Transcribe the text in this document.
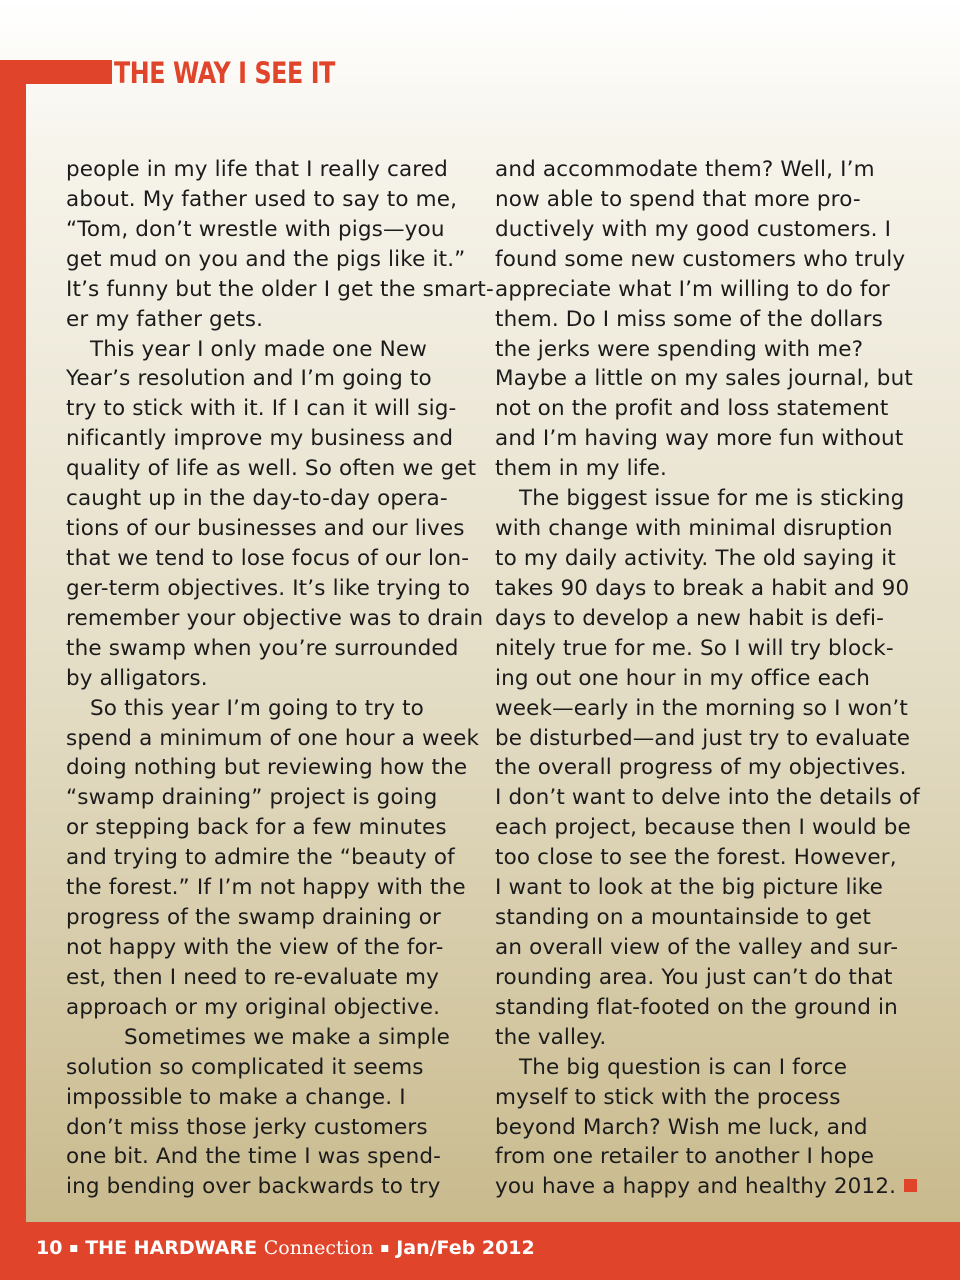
THE WAY I SEE IT
people in my life that I really cared
about. My father used to say to me,
“Tom, don’t wrestle with pigs—you
get mud on you and the pigs like it.”
It’s funny but the older I get the smart-
er my father gets.
This year I only made one New
Year’s resolution and I’m going to
try to stick with it. If I can it will sig-
nificantly improve my business and
quality of life as well. So often we get
caught up in the day-to-day opera-
tions of our businesses and our lives
that we tend to lose focus of our lon-
ger-term objectives. It’s like trying to
remember your objective was to drain
the swamp when you’re surrounded
by alligators.
So this year I’m going to try to
spend a minimum of one hour a week
doing nothing but reviewing how the
“swamp draining” project is going
or stepping back for a few minutes
and trying to admire the “beauty of
the forest.” If I’m not happy with the
progress of the swamp draining or
not happy with the view of the for-
est, then I need to re-evaluate my
approach or my original objective.
Sometimes we make a simple
solution so complicated it seems
impossible to make a change. I
don’t miss those jerky customers
one bit. And the time I was spend-
ing bending over backwards to try
and accommodate them? Well, I’m
now able to spend that more pro-
ductively with my good customers. I
found some new customers who truly
appreciate what I’m willing to do for
them. Do I miss some of the dollars
the jerks were spending with me?
Maybe a little on my sales journal, but
not on the profit and loss statement
and I’m having way more fun without
them in my life.
The biggest issue for me is sticking
with change with minimal disruption
to my daily activity. The old saying it
takes 90 days to break a habit and 90
days to develop a new habit is defi-
nitely true for me. So I will try block-
ing out one hour in my office each
week—early in the morning so I won’t
be disturbed—and just try to evaluate
the overall progress of my objectives.
I don’t want to delve into the details of
each project, because then I would be
too close to see the forest. However,
I want to look at the big picture like
standing on a mountainside to get
an overall view of the valley and sur-
rounding area. You just can’t do that
standing flat-footed on the ground in
the valley.
The big question is can I force
myself to stick with the process
beyond March? Wish me luck, and
from one retailer to another I hope
you have a happy and healthy 2012.
10 ▪ THE HARDWARE Connection ▪ Jan/Feb 2012
